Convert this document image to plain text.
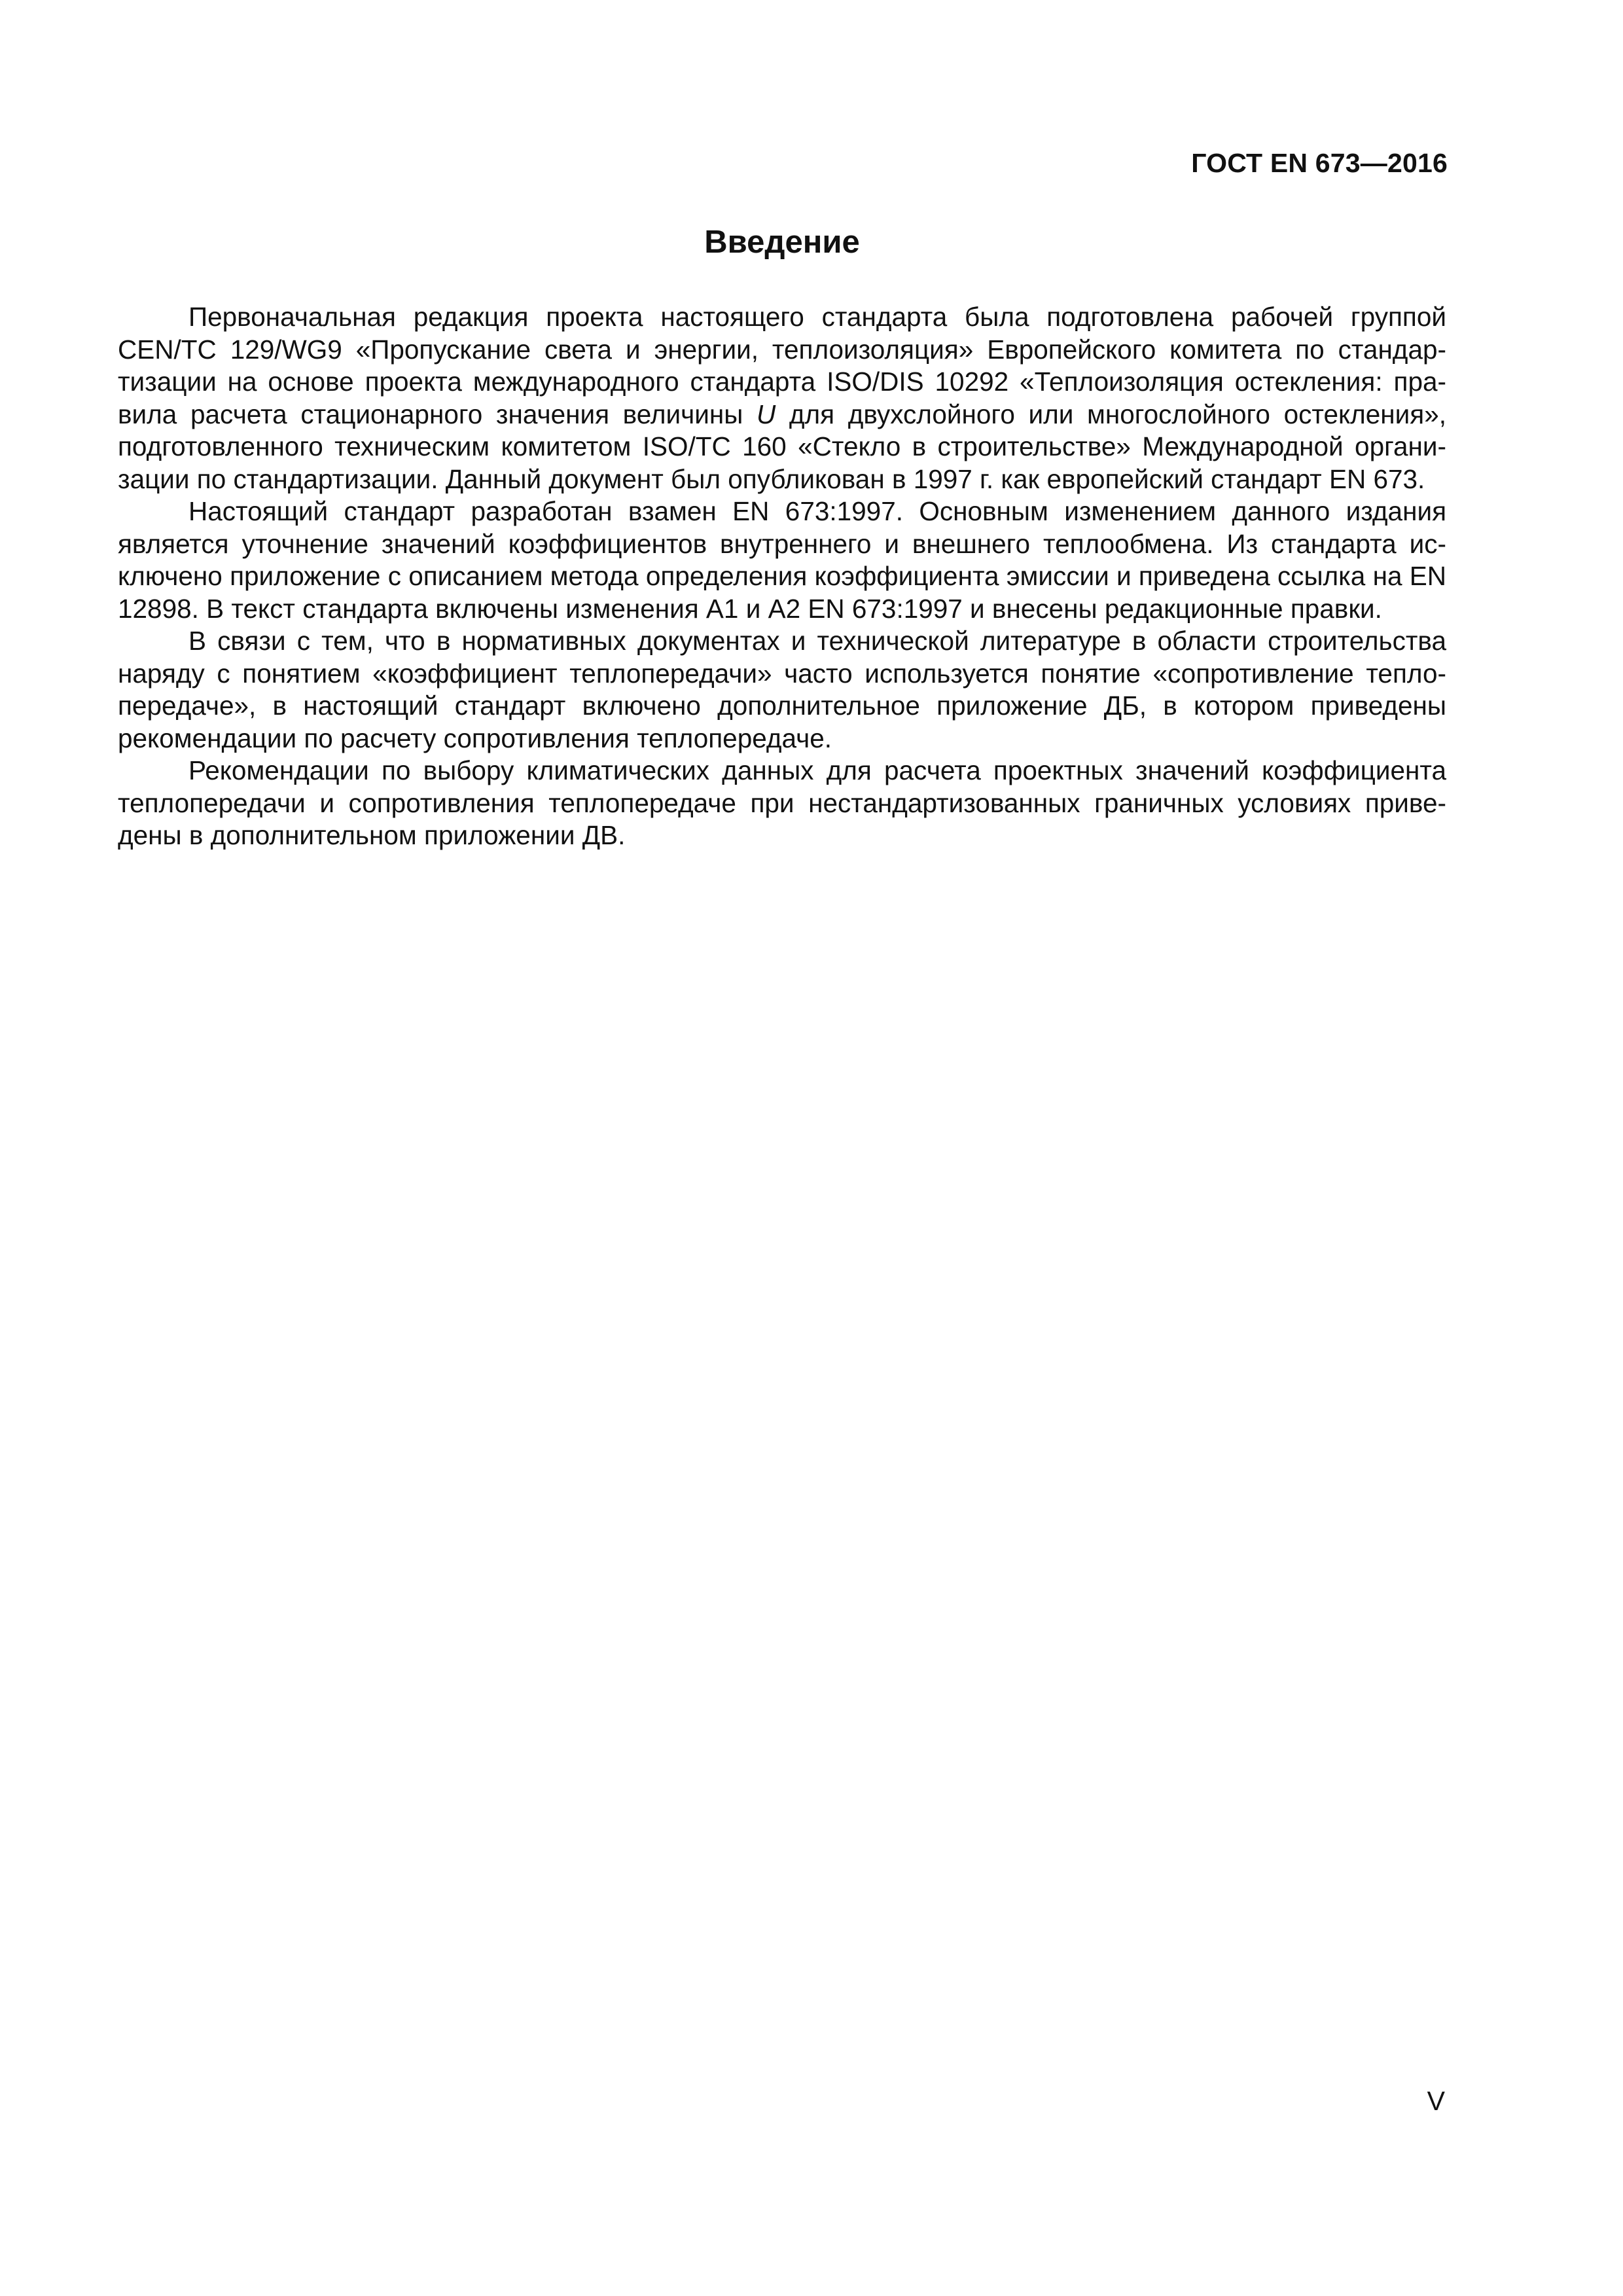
ГОСТ EN 673—2016
Введение

Первоначальная редакция проекта настоящего стандарта была подготовлена рабочей группой CEN/TC 129/WG9 «Пропускание света и энергии, теплоизоляция» Европейского комитета по стандартизации на основе проекта международного стандарта ISO/DIS 10292 «Теплоизоляция остекления: правила расчета стационарного значения величины U для двухслойного или многослойного остекления», подготовленного техническим комитетом ISO/TC 160 «Стекло в строительстве» Международной организации по стандартизации. Данный документ был опубликован в 1997 г. как европейский стандарт EN 673.

Настоящий стандарт разработан взамен EN 673:1997. Основным изменением данного издания является уточнение значений коэффициентов внутреннего и внешнего теплообмена. Из стандарта исключено приложение с описанием метода определения коэффициента эмиссии и приведена ссылка на EN 12898. В текст стандарта включены изменения A1 и A2 EN 673:1997 и внесены редакционные правки.

В связи с тем, что в нормативных документах и технической литературе в области строительства наряду с понятием «коэффициент теплопередачи» часто используется понятие «сопротивление теплопередаче», в настоящий стандарт включено дополнительное приложение ДБ, в котором приведены рекомендации по расчету сопротивления теплопередаче.

Рекомендации по выбору климатических данных для расчета проектных значений коэффициента теплопередачи и сопротивления теплопередаче при нестандартизованных граничных условиях приведены в дополнительном приложении ДВ.

V
